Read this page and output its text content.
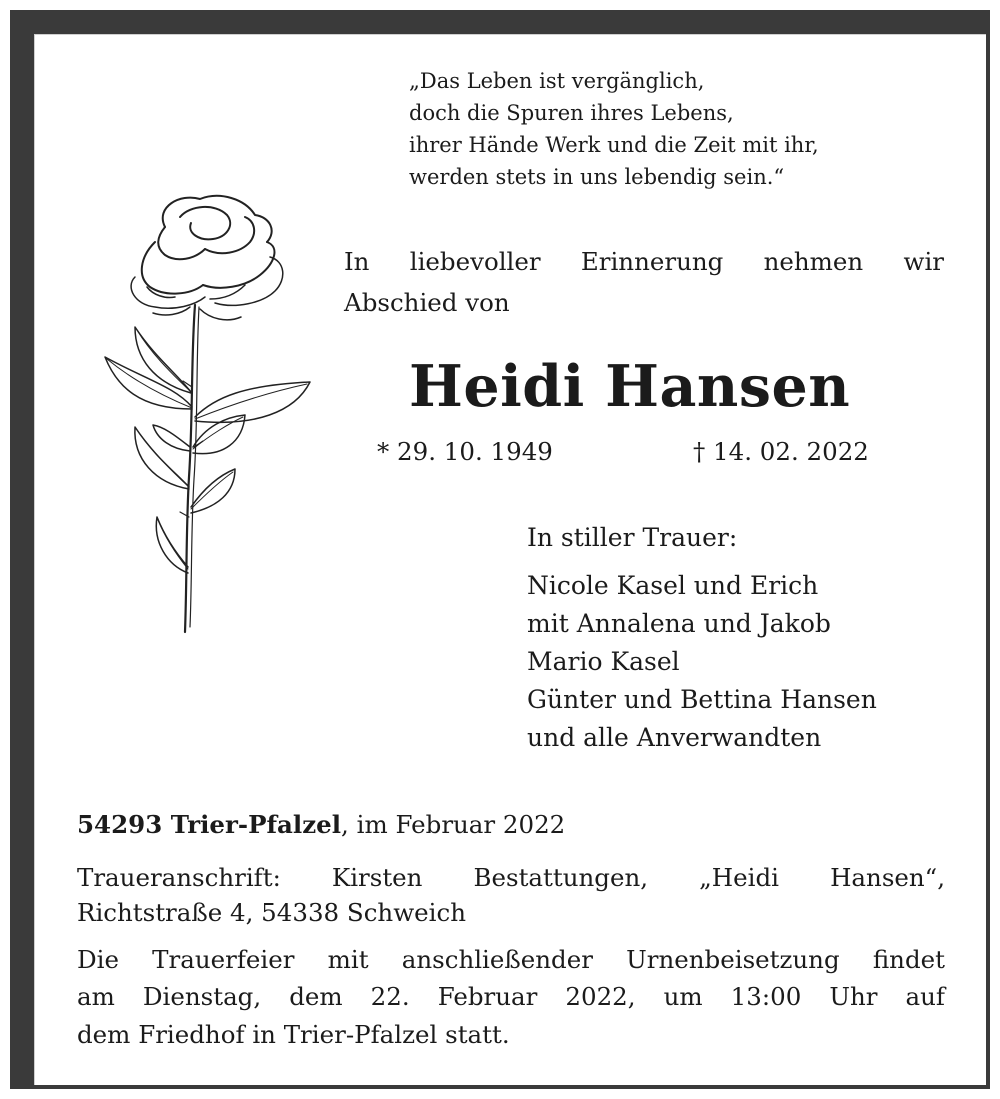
„Das Leben ist vergänglich,
doch die Spuren ihres Lebens,
ihrer Hände Werk und die Zeit mit ihr,
werden stets in uns lebendig sein.“
In liebevoller Erinnerung nehmen wir
Abschied von
Heidi Hansen
* 29. 10. 1949	† 14. 02. 2022
In stiller Trauer:
Nicole Kasel und Erich
mit Annalena und Jakob
Mario Kasel
Günter und Bettina Hansen
und alle Anverwandten
54293 Trier-Pfalzel, im Februar 2022
Traueranschrift: Kirsten Bestattungen, „Heidi Hansen“,
Richtstraße 4, 54338 Schweich
Die Trauerfeier mit anschließender Urnenbeisetzung findet
am Dienstag, dem 22. Februar 2022, um 13:00 Uhr auf
dem Friedhof in Trier-Pfalzel statt.
